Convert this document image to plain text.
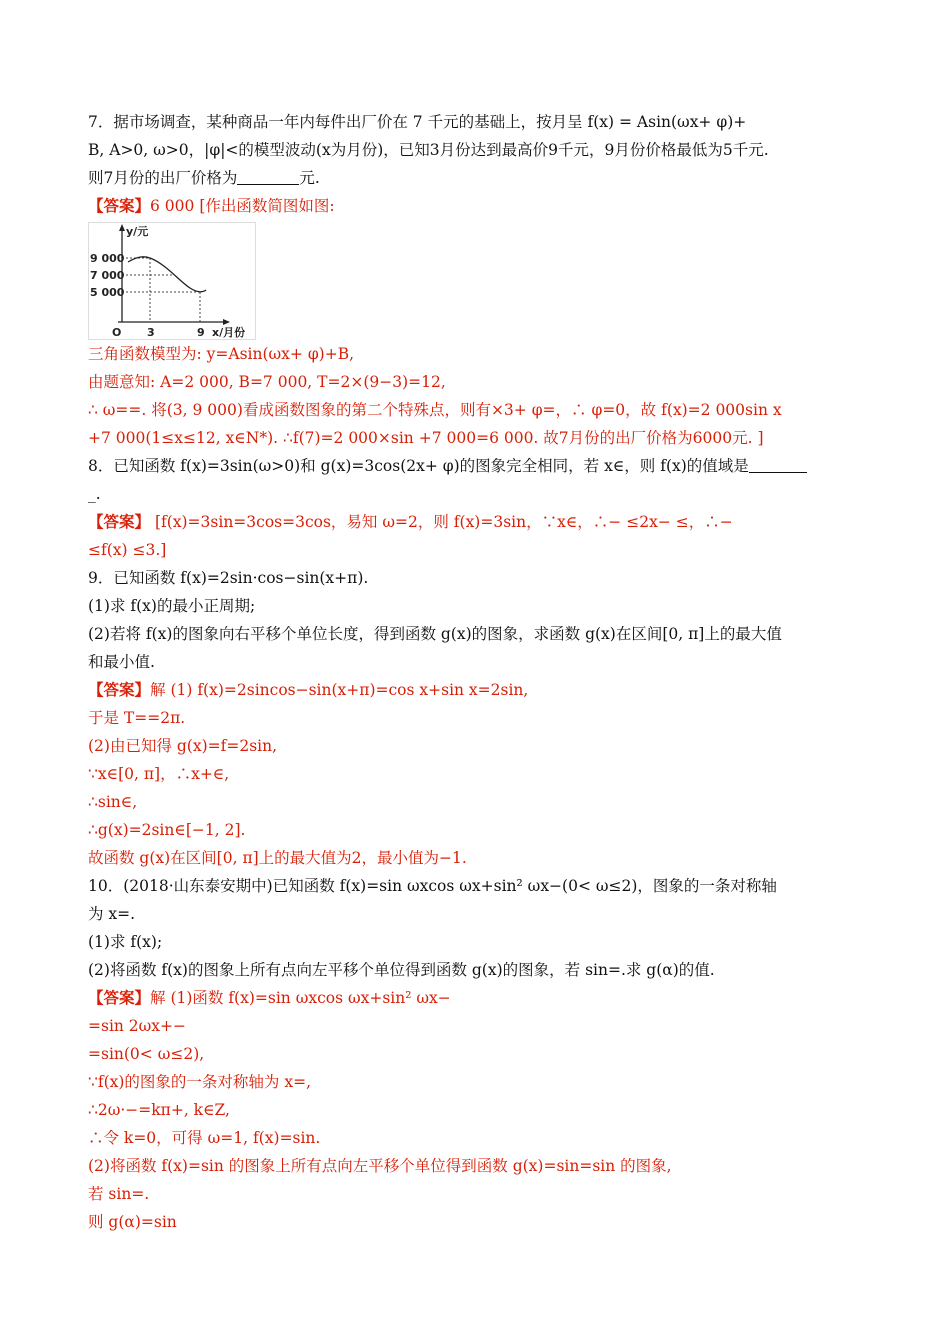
7．据市场调查，某种商品一年内每件出厂价在 7 千元的基础上，按月呈 f(x) = Asin(ωx+ φ)+
B, A>0, ω>0，|φ|<的模型波动(x为月份)，已知3月份达到最高价9千元，9月份价格最低为5千元.
则7月份的出厂价格为	元.
【答案】6 000 [作出函数简图如图:
y/元
9 000
7 000
5 000
O 3	9 x/月份
三角函数模型为: y=Asin(ωx+ φ)+B,
由题意知: A=2 000, B=7 000, T=2×(9−3)=12,
∴ ω==. 将(3, 9 000)看成函数图象的第二个特殊点，则有×3+ φ=，∴ φ=0，故 f(x)=2 000sin x
+7 000(1≤x≤12, x∈N*). ∴f(7)=2 000×sin +7 000=6 000. 故7月份的出厂价格为6000元. ]
8．已知函数 f(x)=3sin(ω>0)和 g(x)=3cos(2x+ φ)的图象完全相同，若 x∈，则 f(x)的值域是
_.
【答案】 [f(x)=3sin=3cos=3cos，易知 ω=2，则 f(x)=3sin，∵x∈，∴− ≤2x− ≤，∴−
≤f(x) ≤3.]
9．已知函数 f(x)=2sin·cos−sin(x+π).
(1)求 f(x)的最小正周期;
(2)若将 f(x)的图象向右平移个单位长度，得到函数 g(x)的图象，求函数 g(x)在区间[0, π]上的最大值
和最小值.
【答案】解 (1) f(x)=2sincos−sin(x+π)=cos x+sin x=2sin,
于是 T==2π.
(2)由已知得 g(x)=f=2sin,
∵x∈[0, π]，∴x+∈,
∴sin∈,
∴g(x)=2sin∈[−1, 2].
故函数 g(x)在区间[0, π]上的最大值为2，最小值为−1.
10．(2018·山东泰安期中)已知函数 f(x)=sin ωxcos ωx+sin² ωx−(0< ω≤2)，图象的一条对称轴
为 x=.
(1)求 f(x);
(2)将函数 f(x)的图象上所有点向左平移个单位得到函数 g(x)的图象，若 sin=.求 g(α)的值.
【答案】解 (1)函数 f(x)=sin ωxcos ωx+sin² ωx−
=sin 2ωx+−
=sin(0< ω≤2),
∵f(x)的图象的一条对称轴为 x=,
∴2ω·−=kπ+, k∈Z,
∴令 k=0，可得 ω=1, f(x)=sin.
(2)将函数 f(x)=sin 的图象上所有点向左平移个单位得到函数 g(x)=sin=sin 的图象,
若 sin=.
则 g(α)=sin
